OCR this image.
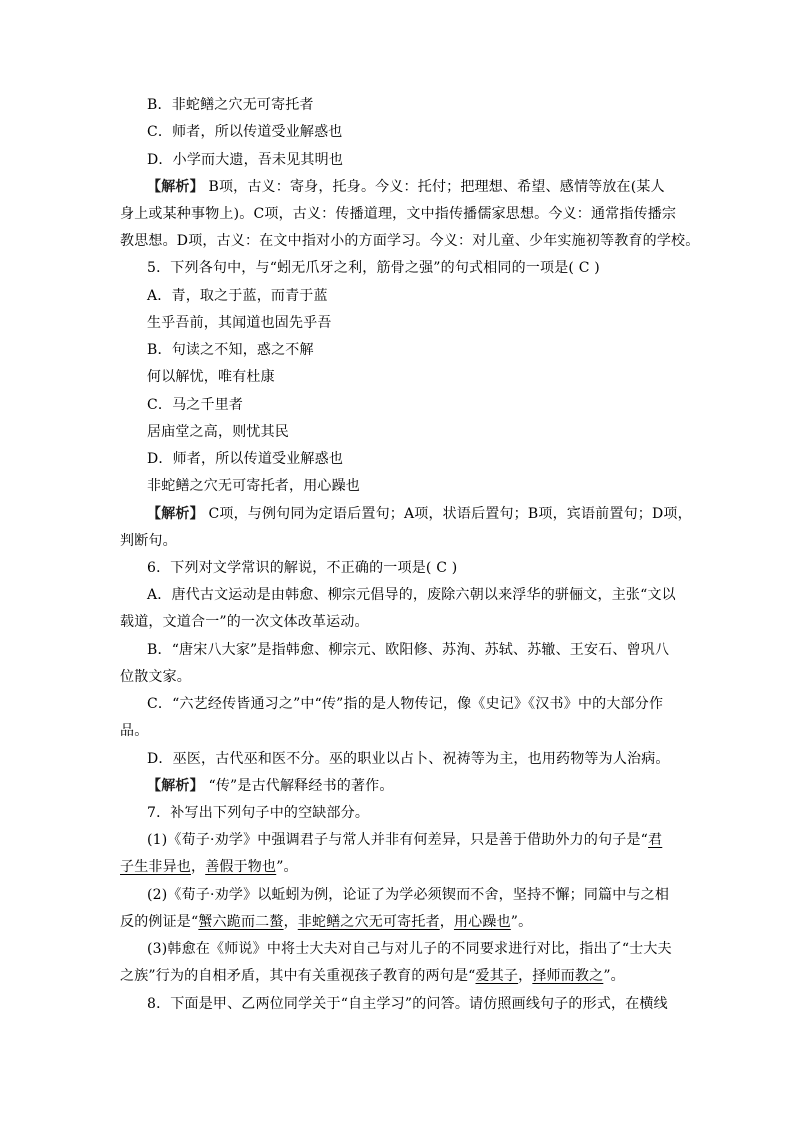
B．非蛇鳝之穴无可寄托者
C．师者，所以传道受业解惑也
D．小学而大遗，吾未见其明也
【解析】 B项，古义：寄身，托身。今义：托付；把理想、希望、感情等放在(某人
身上或某种事物上)。C项，古义：传播道理，文中指传播儒家思想。今义：通常指传播宗
教思想。D项，古义：在文中指对小的方面学习。今义：对儿童、少年实施初等教育的学校。
5．下列各句中，与“蚓无爪牙之利，筋骨之强”的句式相同的一项是( C )
A．青，取之于蓝，而青于蓝
生乎吾前，其闻道也固先乎吾
B．句读之不知，惑之不解
何以解忧，唯有杜康
C．马之千里者
居庙堂之高，则忧其民
D．师者，所以传道受业解惑也
非蛇鳝之穴无可寄托者，用心躁也
【解析】 C项，与例句同为定语后置句；A项，状语后置句；B项，宾语前置句；D项，
判断句。
6．下列对文学常识的解说，不正确的一项是( C )
A．唐代古文运动是由韩愈、柳宗元倡导的，废除六朝以来浮华的骈俪文，主张“文以
载道，文道合一”的一次文体改革运动。
B．“唐宋八大家”是指韩愈、柳宗元、欧阳修、苏洵、苏轼、苏辙、王安石、曾巩八
位散文家。
C．“六艺经传皆通习之”中“传”指的是人物传记，像《史记》《汉书》中的大部分作
品。
D．巫医，古代巫和医不分。巫的职业以占卜、祝祷等为主，也用药物等为人治病。
【解析】 “传”是古代解释经书的著作。
7．补写出下列句子中的空缺部分。
(1)《荀子·劝学》中强调君子与常人并非有何差异，只是善于借助外力的句子是“君
子生非异也，善假于物也”。
(2)《荀子·劝学》以蚯蚓为例，论证了为学必须锲而不舍，坚持不懈；同篇中与之相
反的例证是“蟹六跪而二螯，非蛇鳝之穴无可寄托者，用心躁也”。
(3)韩愈在《师说》中将士大夫对自己与对儿子的不同要求进行对比，指出了“士大夫
之族”行为的自相矛盾，其中有关重视孩子教育的两句是“爱其子，择师而教之”。
8．下面是甲、乙两位同学关于“自主学习”的问答。请仿照画线句子的形式，在横线
